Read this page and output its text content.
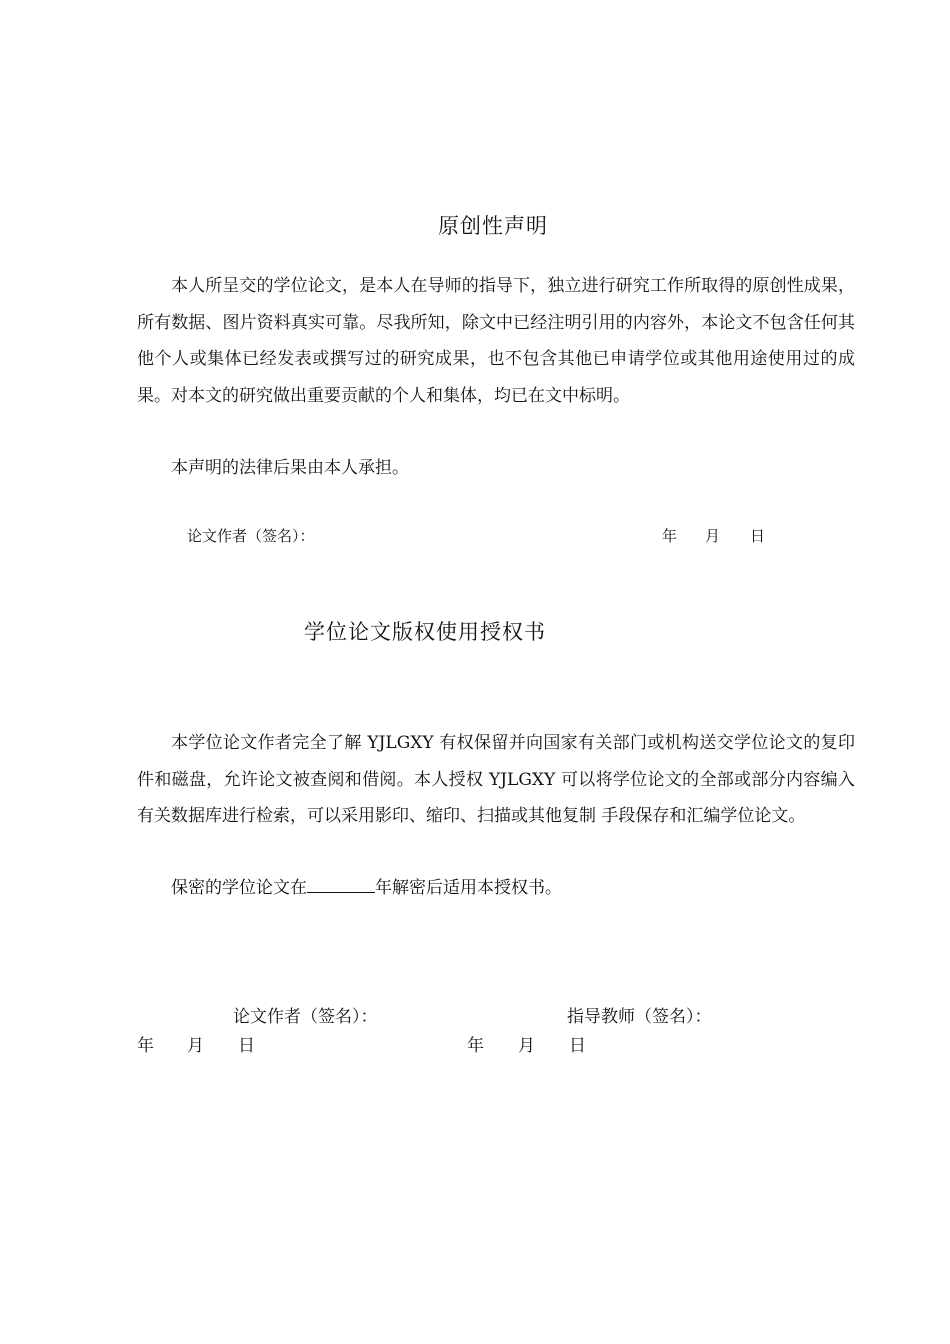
原创性声明

本人所呈交的学位论文，是本人在导师的指导下，独立进行研究工作所取得的原创性成果，所有数据、图片资料真实可靠。尽我所知，除文中已经注明引用的内容外，本论文不包含任何其他个人或集体已经发表或撰写过的研究成果，也不包含其他已申请学位或其他用途使用过的成果。对本文的研究做出重要贡献的个人和集体，均已在文中标明。

本声明的法律后果由本人承担。
论文作者（签名）：	年 月 日
学位论文版权使用授权书

本学位论文作者完全了解 YJLGXY 有权保留并向国家有关部门或机构送交学位论文的复印件和磁盘，允许论文被查阅和借阅。本人授权 YJLGXY 可以将学位论文的全部或部分内容编入有关数据库进行检索，可以采用影印、缩印、扫描或其他复制 手段保存和汇编学位论文。

保密的学位论文在	年解密后适用本授权书。
论文作者（签名）：	指导教师（签名）：
年 月 日	年 月 日
